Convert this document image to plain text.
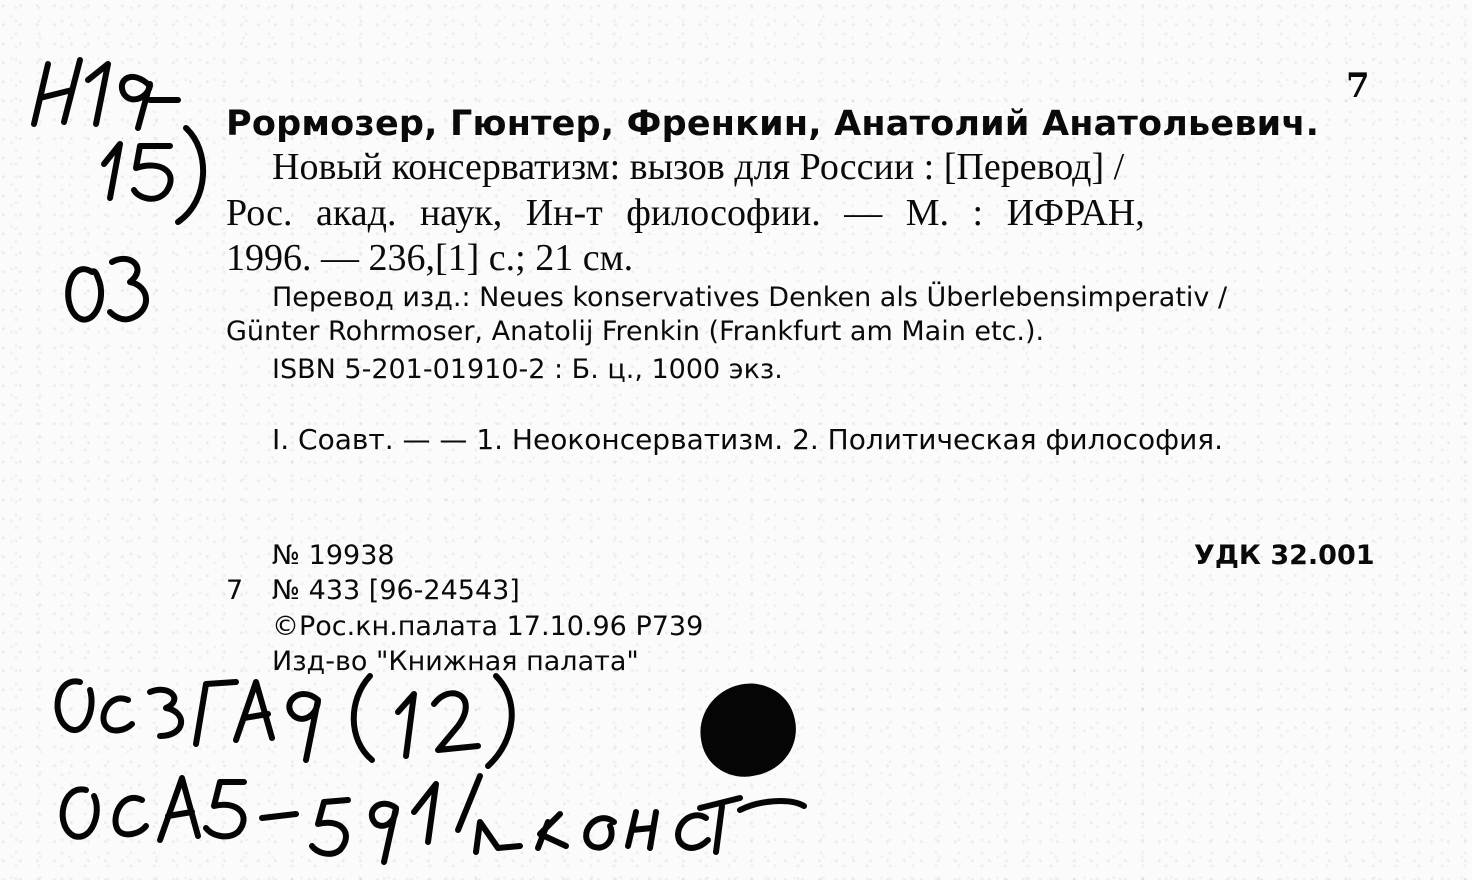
7
Рормозер, Гюнтер, Френкин, Анатолий Анатольевич.
Новый консерватизм: вызов для России : [Перевод] /
Рос. акад. наук, Ин-т философии. — М. : ИФРАН,
1996. — 236,[1] с.; 21 см.
Перевод изд.: Neues konservatives Denken als Überlebensimperativ /
Günter Rohrmoser, Anatolij Frenkin (Frankfurt am Main etc.).
ISBN 5-201-01910-2 : Б. ц., 1000 экз.
I. Соавт. — — 1. Неоконсерватизм. 2. Политическая философия.
№ 19938	УДК 32.001
7 № 433 [96-24543]
©Рос.кн.палата 17.10.96 Р739
Изд-во "Книжная палата"
